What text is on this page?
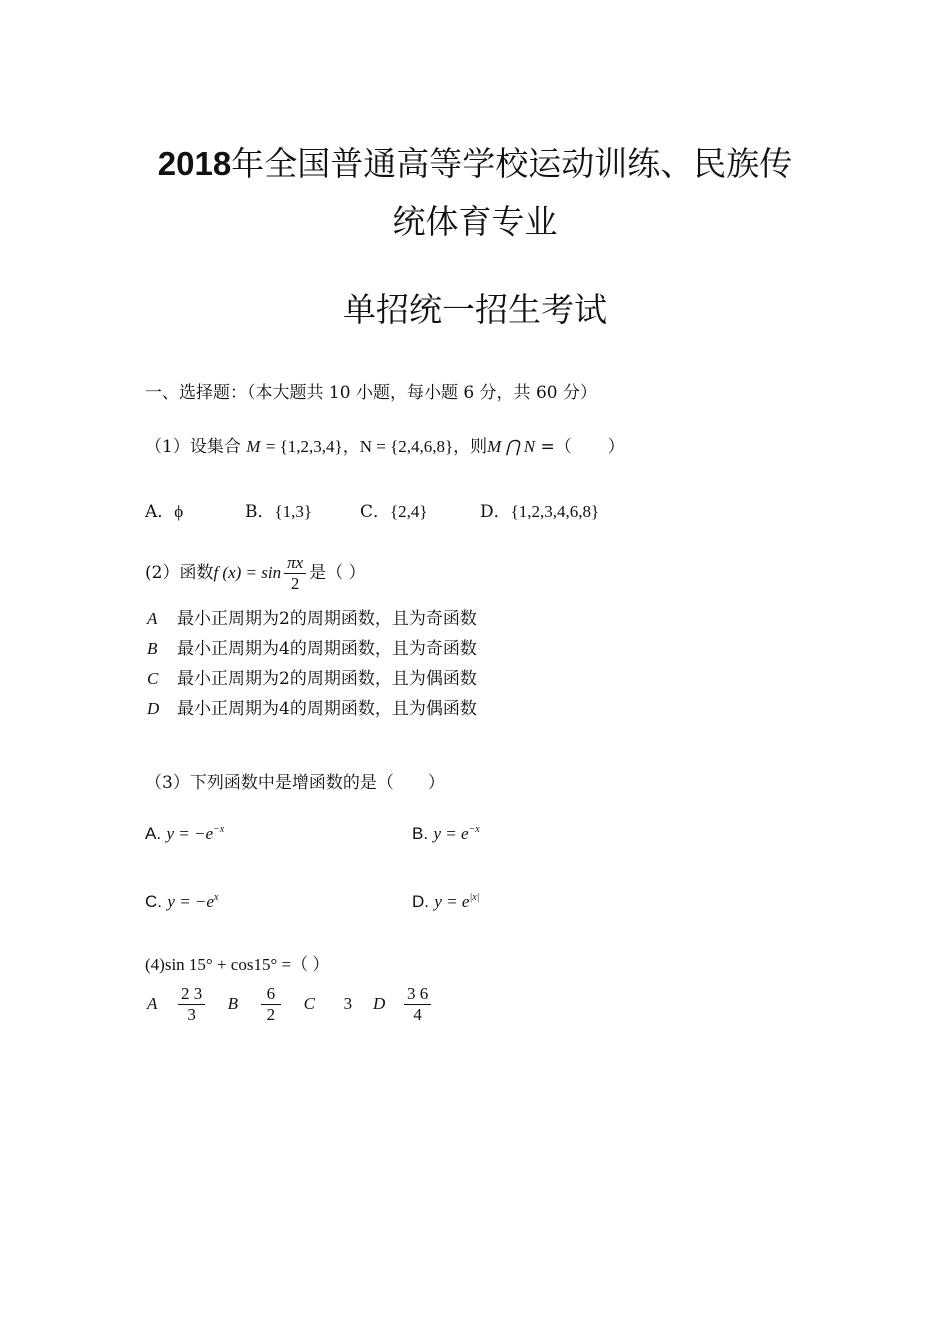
2018年全国普通高等学校运动训练、民族传
统体育专业
单招统一招生考试
一、选择题：（本大题共 10 小题，每小题 6 分，共 60 分）
（1）设集合 M = {1,2,3,4}，N = {2,4,6,8}，则M ⋂ N =（ ）
A．ϕ	B．{1,3}	C．{2,4}	D．{1,2,3,4,6,8}
(2）函数f $(x) = \sin \frac{\pi x}{2}$ 是（ ）
A 最小正周期为2的周期函数，且为奇函数
B 最小正周期为4的周期函数，且为奇函数
C 最小正周期为2的周期函数，且为偶函数
D 最小正周期为4的周期函数，且为偶函数
（3）下列函数中是增函数的是（　　）
A. $y = -e^{-x}$	B. $y = e^{-x}$
C. $y = -e^x$	D. $y = e^{|x|}$
(4)sin 15° + cos15° =（ ）
A $\frac{2 3}{3}$ B $\frac{6}{2}$ C 3 D $\frac{3 6}{4}$
